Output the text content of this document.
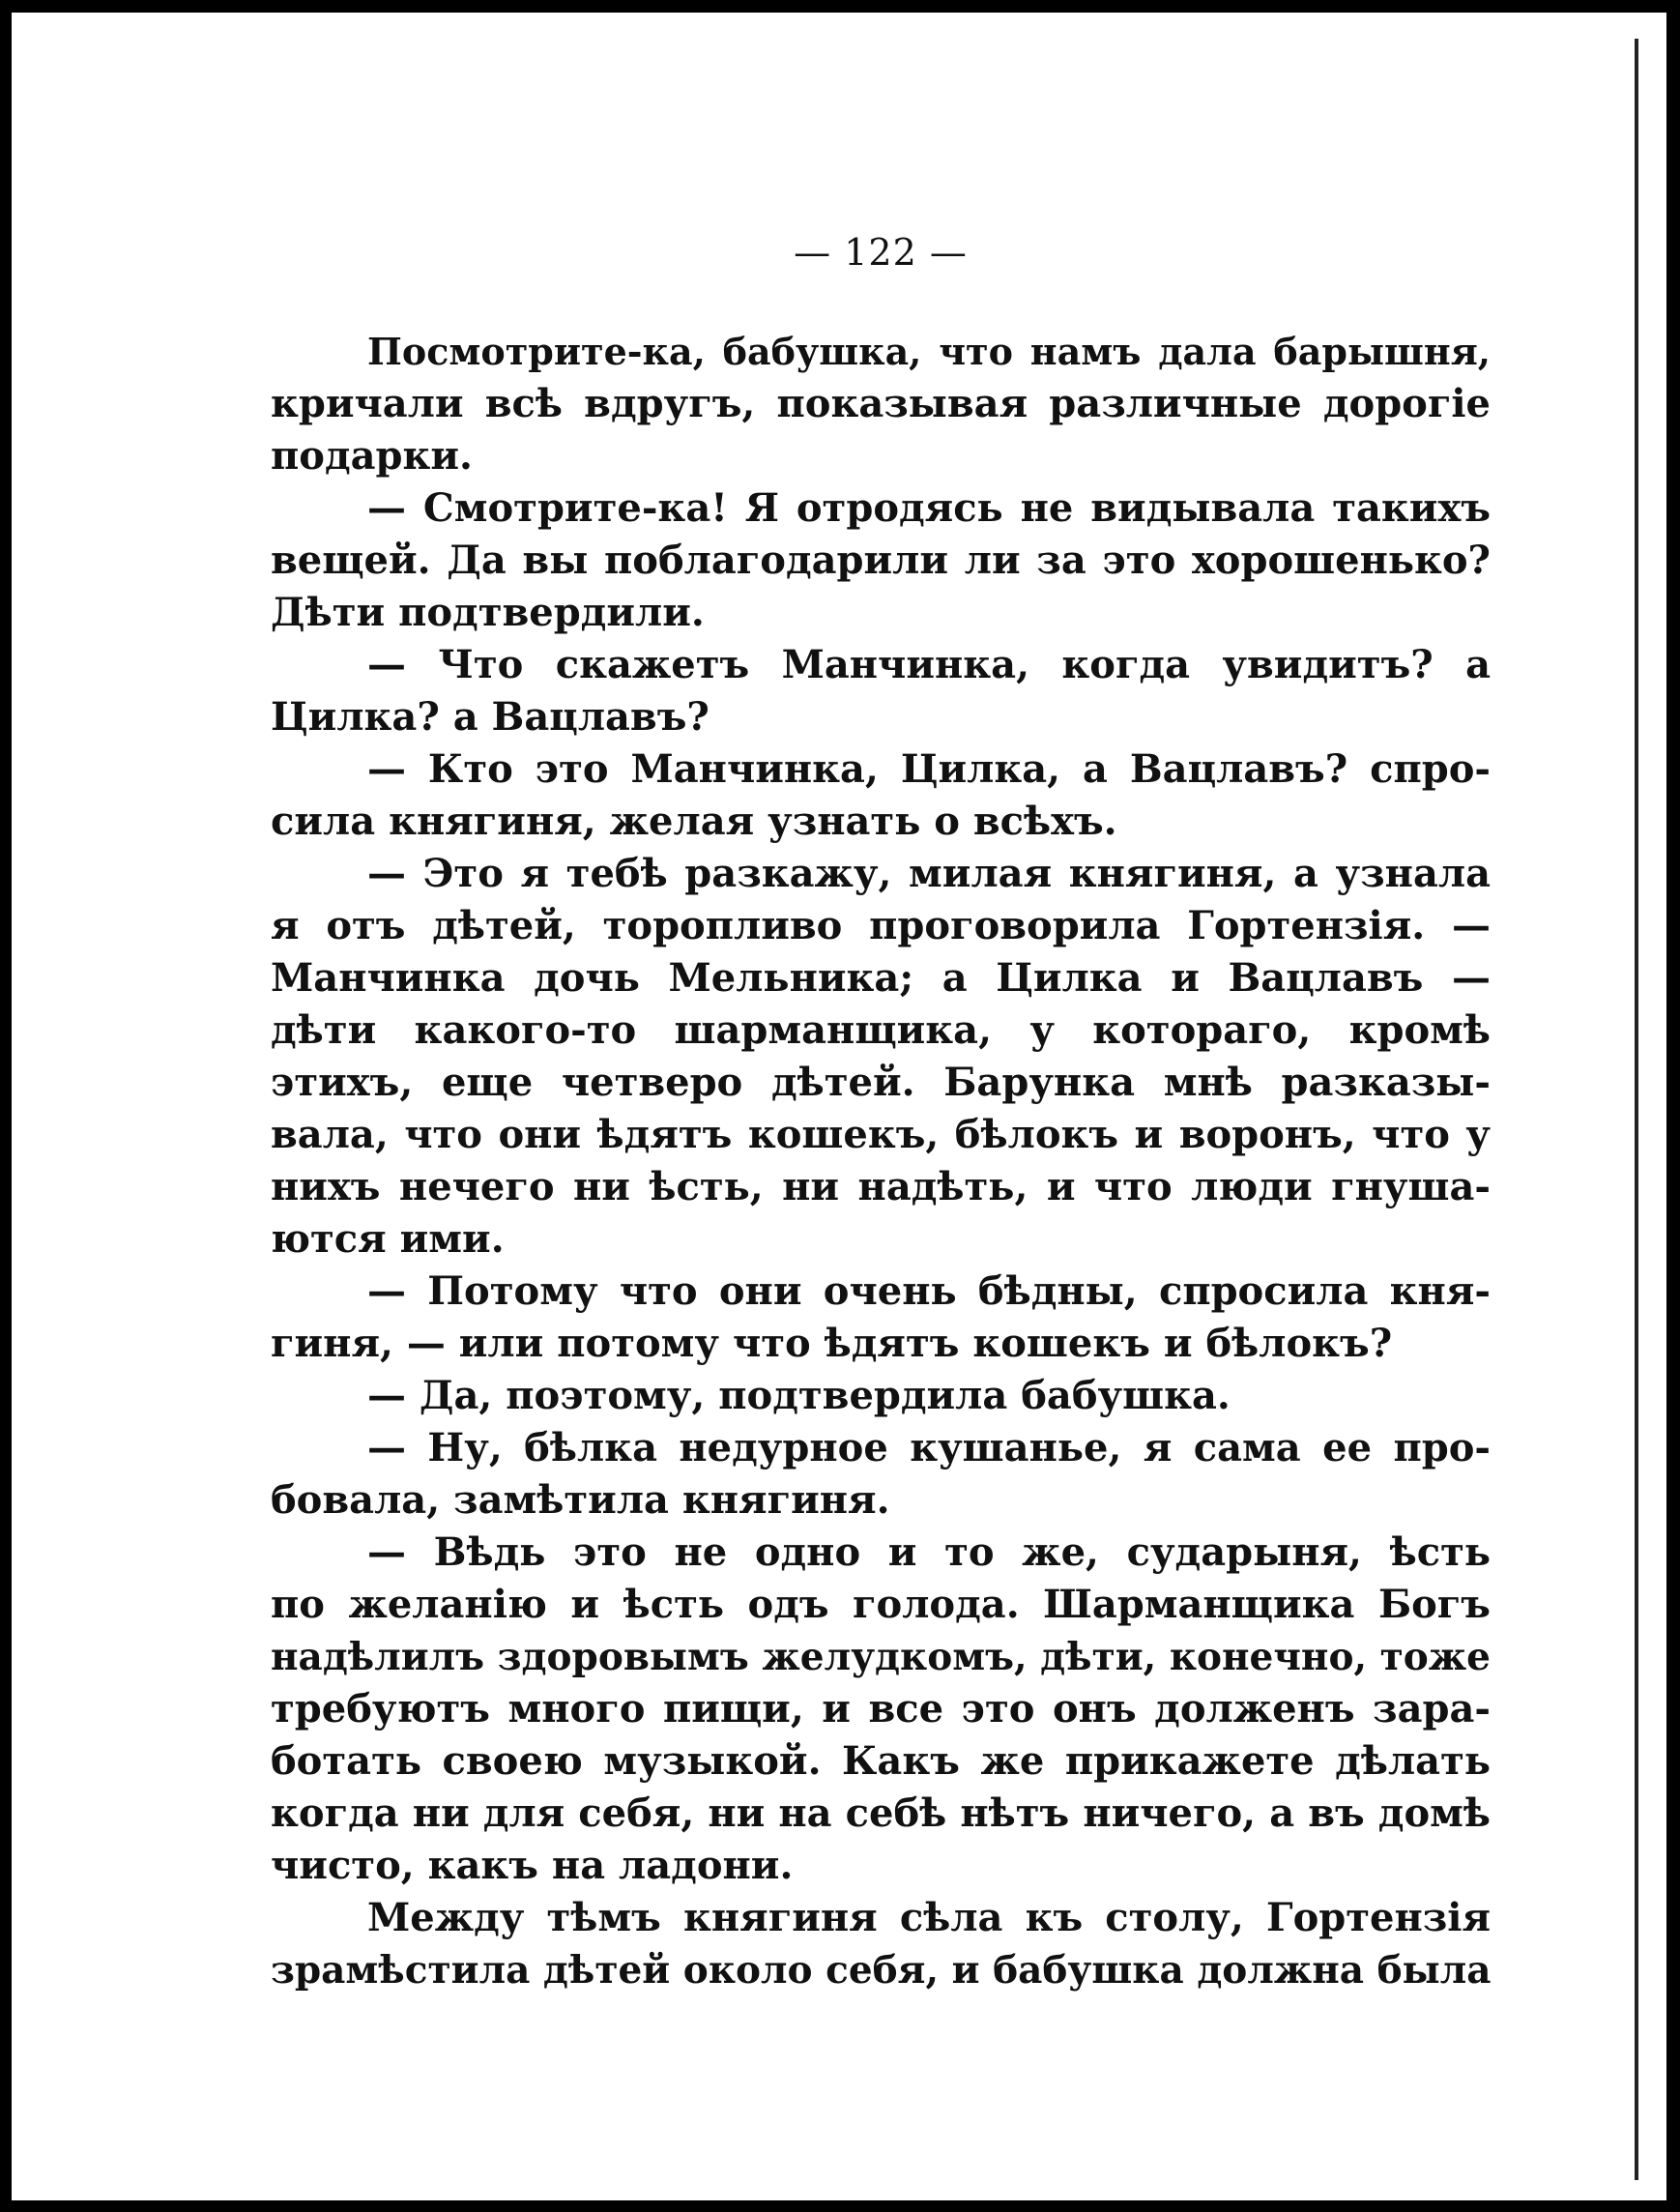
— 122 —
Посмотрите-ка, бабушка, что намъ дала барышня,
кричали всѣ вдругъ, показывая различные дорогіе
подарки.
— Смотрите-ка! Я отродясь не видывала такихъ
вещей. Да вы поблагодарили ли за это хорошенько?
Дѣти подтвердили.
— Что скажетъ Манчинка, когда увидитъ? а
Цилка? а Вацлавъ?
— Кто это Манчинка, Цилка, а Вацлавъ? спро-
сила княгиня, желая узнать о всѣхъ.
— Это я тебѣ разкажу, милая княгиня, а узнала
я отъ дѣтей, торопливо проговорила Гортензія. —
Манчинка дочь Мельника; а Цилка и Вацлавъ —
дѣти какого-то шарманщика, у котораго, кромѣ
этихъ, еще четверо дѣтей. Барунка мнѣ разказы-
вала, что они ѣдятъ кошекъ, бѣлокъ и воронъ, что у
нихъ нечего ни ѣсть, ни надѣть, и что люди гнуша-
ются ими.
— Потому что они очень бѣдны, спросила кня-
гиня, — или потому что ѣдятъ кошекъ и бѣлокъ?
— Да, поэтому, подтвердила бабушка.
— Ну, бѣлка недурное кушанье, я сама ее про-
бовала, замѣтила княгиня.
— Вѣдь это не одно и то же, сударыня, ѣсть
по желанію и ѣсть одъ голода. Шарманщика Богъ
надѣлилъ здоровымъ желудкомъ, дѣти, конечно, тоже
требуютъ много пищи, и все это онъ долженъ зара-
ботать своею музыкой. Какъ же прикажете дѣлать
когда ни для себя, ни на себѣ нѣтъ ничего, а въ домѣ
чисто, какъ на ладони.
Между тѣмъ княгиня сѣла къ столу, Гортензія
зрамѣстила дѣтей около себя, и бабушка должна была
